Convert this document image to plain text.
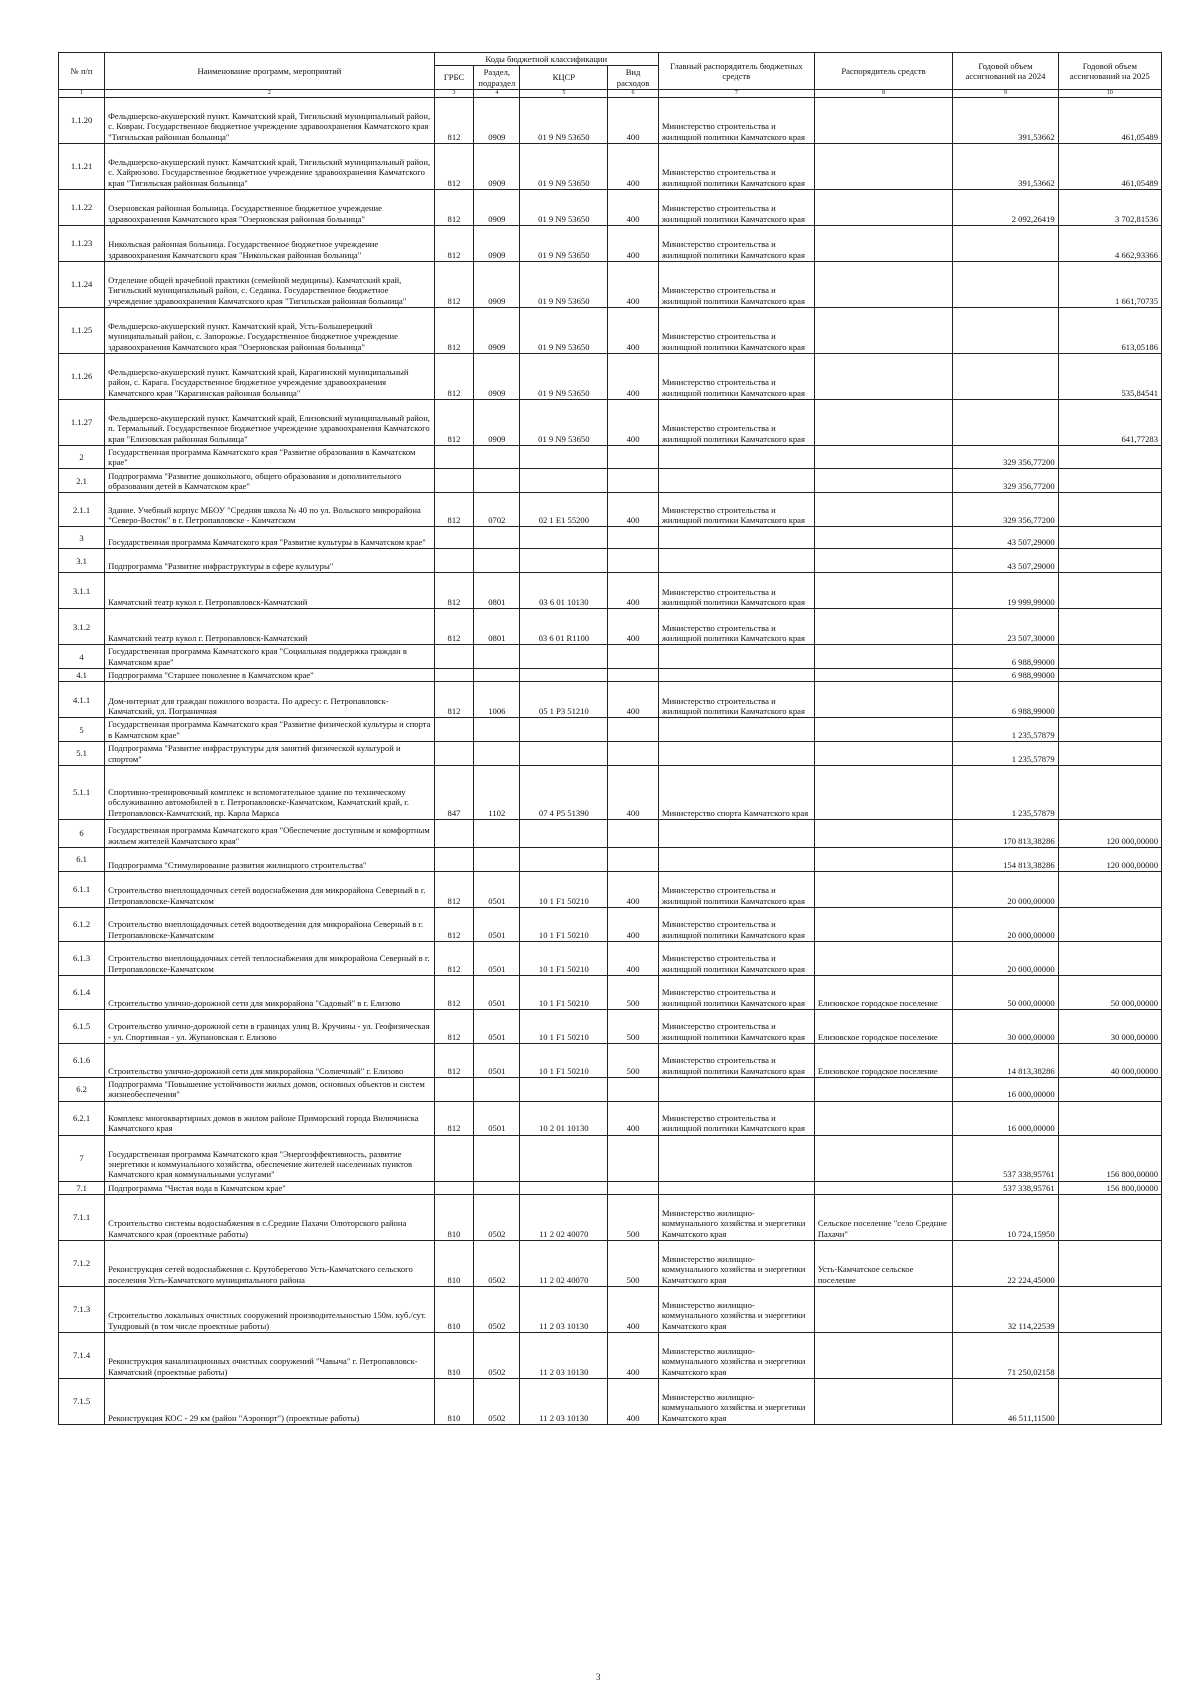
№ п/п	Наименование программ, мероприятий	Коды бюджетной классификации				Главный распорядитель бюджетных средств	Распорядитель средств	Годовой объем ассигнований на 2024	Годовой объем ассигнований на 2025
		ГРБС	Раздел, подраздел	КЦСР	Вид расходов				
1	2	3	4	5	6	7	8	9	10
1.1.20	Фельдшерско-акушерский пункт. Камчатский край, Тигильский муниципальный район, с. Ковран. Государственное бюджетное учреждение здравоохранения Камчатского края "Тигильская районная больница"	812	0909	01 9 N9 53650	400	Министерство строительства и жилищной политики Камчатского края		391,53662	461,05489
1.1.21	Фельдшерско-акушерский пункт. Камчатский край, Тигильский муниципальный район, с. Хайрюзово. Государственное бюджетное учреждение здравоохранения Камчатского края "Тигильская районная больница"	812	0909	01 9 N9 53650	400	Министерство строительства и жилищной политики Камчатского края		391,53662	461,05489
1.1.22	Озерновская районная больница. Государственное бюджетное учреждение здравоохранения Камчатского края "Озерновская районная больница"	812	0909	01 9 N9 53650	400	Министерство строительства и жилищной политики Камчатского края		2 092,26419	3 702,81536
1.1.23	Никольская районная больница. Государственное бюджетное учреждение здравоохранения Камчатского края "Никольская районная больница"	812	0909	01 9 N9 53650	400	Министерство строительства и жилищной политики Камчатского края			4 662,93366
1.1.24	Отделение общей врачебной практики (семейной медицины). Камчатский край, Тигильский муниципальный район, с. Седанка. Государственное бюджетное учреждение здравоохранения Камчатского края "Тигильская районная больница"	812	0909	01 9 N9 53650	400	Министерство строительства и жилищной политики Камчатского края			1 661,70735
1.1.25	Фельдшерско-акушерский пункт. Камчатский край, Усть-Большерецкий муниципальный район, с. Запорожье. Государственное бюджетное учреждение здравоохранения Камчатского края "Озерновская районная больница"	812	0909	01 9 N9 53650	400	Министерство строительства и жилищной политики Камчатского края			613,05186
1.1.26	Фельдшерско-акушерский пункт. Камчатский край, Карагинский муниципальный район, с. Карага. Государственное бюджетное учреждение здравоохранения Камчатского края "Карагинская районная больница"	812	0909	01 9 N9 53650	400	Министерство строительства и жилищной политики Камчатского края			535,84541
1.1.27	Фельдшерско-акушерский пункт. Камчатский край, Елизовский муниципальный район, п. Термальный. Государственное бюджетное учреждение здравоохранения Камчатского края "Елизовская районная больница"	812	0909	01 9 N9 53650	400	Министерство строительства и жилищной политики Камчатского края			641,77283
2	Государственная программа Камчатского края "Развитие образования в Камчатском крае"							329 356,77200	
2.1	Подпрограмма "Развитие дошкольного, общего образования и дополнительного образования детей в Камчатском крае"							329 356,77200	
2.1.1	Здание. Учебный корпус МБОУ "Средняя школа № 40 по ул. Вольского микрорайона "Северо-Восток" в г. Петропавловске - Камчатском	812	0702	02 1 E1 55200	400	Министерство строительства и жилищной политики Камчатского края		329 356,77200	
3	Государственная программа Камчатского края "Развитие культуры в Камчатском крае"							43 507,29000	
3.1	Подпрограмма "Развитие инфраструктуры в сфере культуры"							43 507,29000	
3.1.1	Камчатский театр кукол г. Петропавловск-Камчатский	812	0801	03 6 01 10130	400	Министерство строительства и жилищной политики Камчатского края		19 999,99000	
3.1.2	Камчатский театр кукол г. Петропавловск-Камчатский	812	0801	03 6 01 R1100	400	Министерство строительства и жилищной политики Камчатского края		23 507,30000	
4	Государственная программа Камчатского края "Социальная поддержка граждан в Камчатском крае"							6 988,99000	
4.1	Подпрограмма "Старшее поколение в Камчатском крае"							6 988,99000	
4.1.1	Дом-интернат для граждан пожилого возраста. По адресу: г. Петропавловск-Камчатский, ул. Пограничная	812	1006	05 1 P3 51210	400	Министерство строительства и жилищной политики Камчатского края		6 988,99000	
5	Государственная программа Камчатского края "Развитие физической культуры и спорта в Камчатском крае"							1 235,57879	
5.1	Подпрограмма "Развитие инфраструктуры для занятий физической культурой и спортом"							1 235,57879	
5.1.1	Спортивно-тренировочный комплекс и вспомогательное здание по техническому обслуживанию автомобилей в г. Петропавловске-Камчатском, Камчатский край, г. Петропавловск-Камчатский, пр. Карла Маркса	847	1102	07 4 P5 51390	400	Министерство спорта Камчатского края		1 235,57879	
6	Государственная программа Камчатского края "Обеспечение доступным и комфортным жильем жителей Камчатского края"							170 813,38286	120 000,00000
6.1	Подпрограмма "Стимулирование развития жилищного строительства"							154 813,38286	120 000,00000
6.1.1	Строительство внеплощадочных сетей водоснабжения для микрорайона Северный в г. Петропавловске-Камчатском	812	0501	10 1 F1 50210	400	Министерство строительства и жилищной политики Камчатского края		20 000,00000	
6.1.2	Строительство внеплощадочных сетей водоотведения для микрорайона Северный в г. Петропавловске-Камчатском	812	0501	10 1 F1 50210	400	Министерство строительства и жилищной политики Камчатского края		20 000,00000	
6.1.3	Строительство внеплощадочных сетей теплоснабжения для микрорайона Северный в г. Петропавловске-Камчатском	812	0501	10 1 F1 50210	400	Министерство строительства и жилищной политики Камчатского края		20 000,00000	
6.1.4	Строительство улично-дорожной сети для микрорайона "Садовый" в г. Елизово	812	0501	10 1 F1 50210	500	Министерство строительства и жилищной политики Камчатского края	Елизовское городское поселение	50 000,00000	50 000,00000
6.1.5	Строительство улично-дорожной сети в границах улиц В. Кручины - ул. Геофизическая - ул. Спортивная - ул. Жупановская г. Елизово	812	0501	10 1 F1 50210	500	Министерство строительства и жилищной политики Камчатского края	Елизовское городское поселение	30 000,00000	30 000,00000
6.1.6	Строительство улично-дорожной сети для микрорайона "Солнечный" г. Елизово	812	0501	10 1 F1 50210	500	Министерство строительства и жилищной политики Камчатского края	Елизовское городское поселение	14 813,38286	40 000,00000
6.2	Подпрограмма "Повышение устойчивости жилых домов, основных объектов и систем жизнеобеспечения"							16 000,00000	
6.2.1	Комплекс многоквартирных домов в жилом районе Приморский города Вилючинска Камчатского края	812	0501	10 2 01 10130	400	Министерство строительства и жилищной политики Камчатского края		16 000,00000	
7	Государственная программа Камчатского края "Энергоэффективность, развитие энергетики и коммунального хозяйства, обеспечение жителей населенных пунктов Камчатского края коммунальными услугами"							537 338,95761	156 800,00000
7.1	Подпрограмма "Чистая вода в Камчатском крае"							537 338,95761	156 800,00000
7.1.1	Строительство системы водоснабжения в с.Средние Пахачи Олюторского района Камчатского края (проектные работы)	810	0502	11 2 02 40070	500	Министерство жилищно-коммунального хозяйства и энергетики Камчатского края	Сельское поселение "село Средние Пахачи"	10 724,15950	
7.1.2	Реконструкция сетей водоснабжения с. Крутоберегово Усть-Камчатского сельского поселения Усть-Камчатского муниципального района	810	0502	11 2 02 40070	500	Министерство жилищно-коммунального хозяйства и энергетики Камчатского края	Усть-Камчатское сельское поселение	22 224,45000	
7.1.3	Строительство локальных очистных сооружений производительностью 150м. куб./сут. Тундровый (в том числе проектные работы)	810	0502	11 2 03 10130	400	Министерство жилищно-коммунального хозяйства и энергетики Камчатского края		32 114,22539	
7.1.4	Реконструкция канализационных очистных сооружений "Чавыча" г. Петропавловск-Камчатский (проектные работы)	810	0502	11 2 03 10130	400	Министерство жилищно-коммунального хозяйства и энергетики Камчатского края		71 250,02158	
7.1.5	Реконструкция КОС - 29 км (район "Аэропорт") (проектные работы)	810	0502	11 2 03 10130	400	Министерство жилищно-коммунального хозяйства и энергетики Камчатского края		46 511,11500	
3
